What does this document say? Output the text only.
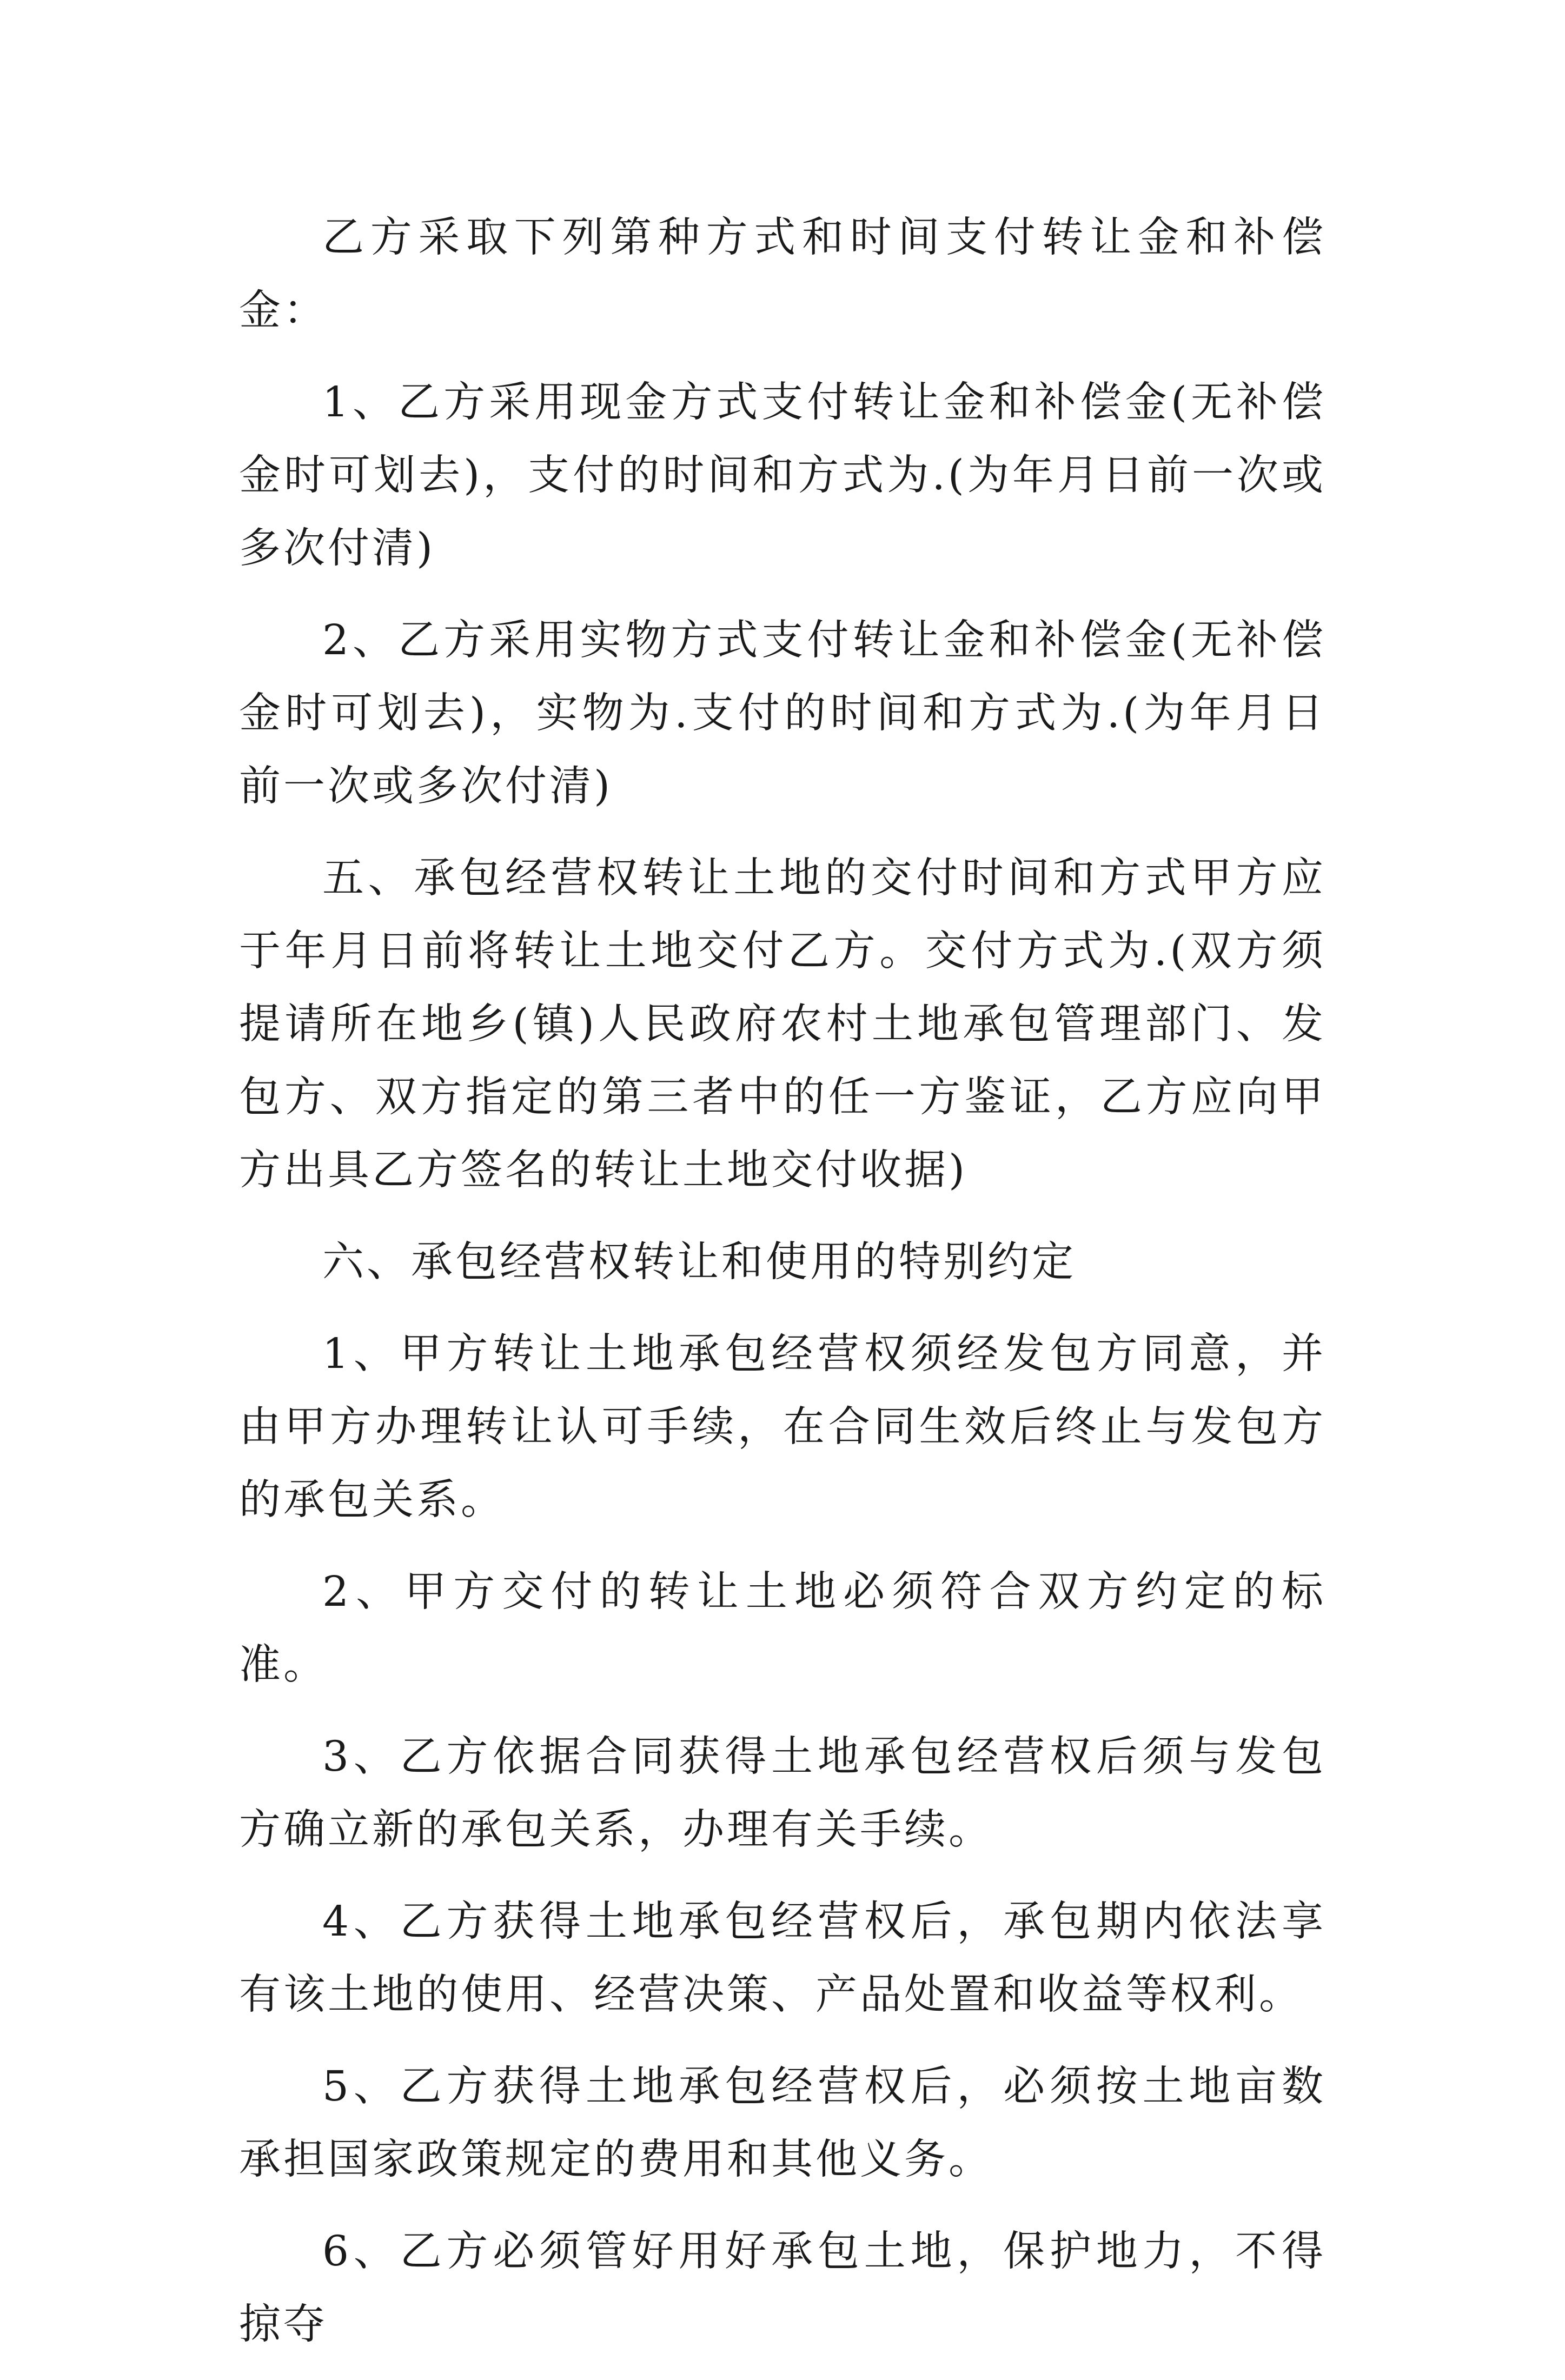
乙方采取下列第种方式和时间支付转让金和补偿金：

1、乙方采用现金方式支付转让金和补偿金(无补偿金时可划去)，支付的时间和方式为.(为年月日前一次或多次付清)

2、乙方采用实物方式支付转让金和补偿金(无补偿金时可划去)，实物为.支付的时间和方式为.(为年月日前一次或多次付清)

五、承包经营权转让土地的交付时间和方式甲方应于年月日前将转让土地交付乙方。交付方式为.(双方须提请所在地乡(镇)人民政府农村土地承包管理部门、发包方、双方指定的第三者中的任一方鉴证，乙方应向甲方出具乙方签名的转让土地交付收据)

六、承包经营权转让和使用的特别约定

1、甲方转让土地承包经营权须经发包方同意，并由甲方办理转让认可手续，在合同生效后终止与发包方的承包关系。

2、甲方交付的转让土地必须符合双方约定的标准。

3、乙方依据合同获得土地承包经营权后须与发包方确立新的承包关系，办理有关手续。

4、乙方获得土地承包经营权后，承包期内依法享有该土地的使用、经营决策、产品处置和收益等权利。

5、乙方获得土地承包经营权后，必须按土地亩数承担国家政策规定的费用和其他义务。

6、乙方必须管好用好承包土地，保护地力，不得掠夺
